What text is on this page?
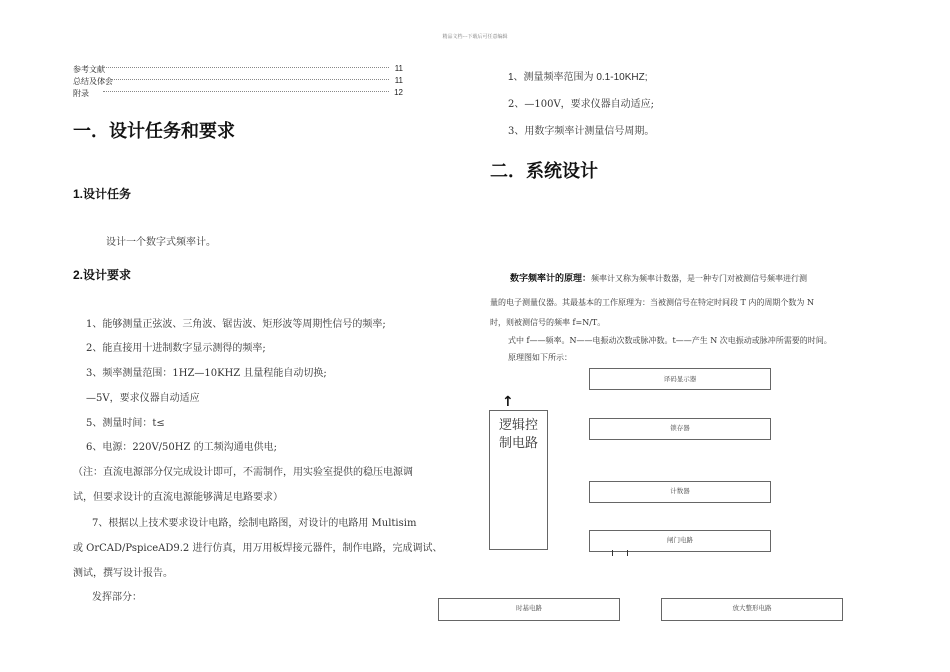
精品文档---下载后可任意编辑
参考文献	11
总结及体会	11
附录	12
一．设计任务和要求
1.设计任务
设计一个数字式频率计。
2.设计要求
1、能够测量正弦波、三角波、锯齿波、矩形波等周期性信号的频率;
2、能直接用十进制数字显示测得的频率;
3、频率测量范围：1HZ—10KHZ 且量程能自动切换;
—5V，要求仪器自动适应
5、测量时间：t≤
6、电源：220V/50HZ 的工频沟通电供电;
（注：直流电源部分仅完成设计即可，不需制作，用实验室提供的稳压电源调
试，但要求设计的直流电源能够满足电路要求）
7、根据以上技术要求设计电路，绘制电路图，对设计的电路用 Multisim
或 OrCAD/PspiceAD9.2 进行仿真，用万用板焊接元器件，制作电路，完成调试、
测试，撰写设计报告。
发挥部分：
1、测量频率范围为 0.1-10KHZ;
2、—100V，要求仪器自动适应;
3、用数字频率计测量信号周期。
二．系统设计
数字频率计的原理：频率计又称为频率计数器，是一种专门对被测信号频率进行测
量的电子测量仪器。其最基本的工作原理为：当被测信号在特定时间段 T 内的周期个数为 N
时，则被测信号的频率 f=N/T。
式中 f——频率。N——电振动次数或脉冲数。t——产生 N 次电振动或脉冲所需要的时间。
原理图如下所示：
↑
逻辑控制电路
译码显示器
锁存器
计数器
闸门电路
时基电路	放大整形电路
